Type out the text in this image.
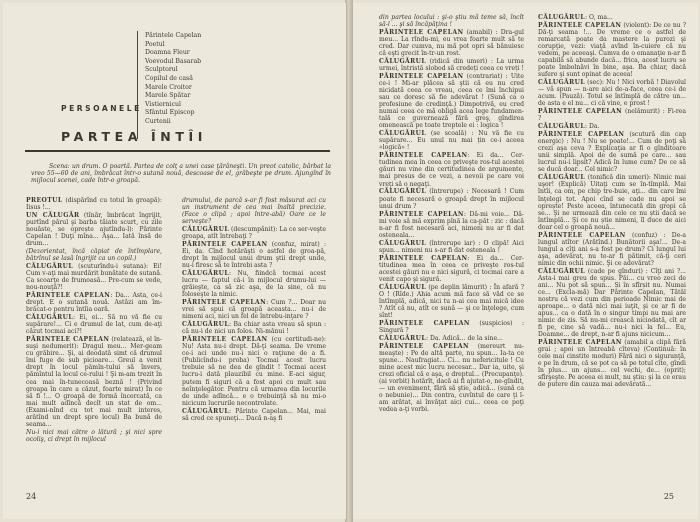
Părintele Capelan
Poetul
Doamna Fleur
Voevodul Basarab
Sculptorul
Copilul de casă
Marele Croitor
Marele Spătar
Vistiernicul
Sfântul Episcop
Curtenii
PERSOANELE
PARTEA ÎNTÎI
Scena: un drum. O poartă. Partea de colţ a unei case ţărăneşti. Un preot catolic, bărbat la vreo 55—60 de ani, îmbrăcat într-o sutană nouă, descoase de el, grăbeşte pe drum. Ajungînd în mijlocul scenei, cade într-o groapă.

PREOTUL (dispărînd cu totul în groapă): Iisus !...

UN CĂLUGĂR (tînăr, îmbrăcat îngrijit, purtînd părul şi barba tăiate scurt, cu zile nouăste, se oprește ajutîndu-l): Părinte Capelan ! Duţi mîna... Aşa... Iată însă de drum...

(Dezorientat, încă căpiat de întîmplare, bătrînul se lasă îngrijit ca un copil.)

CĂLUGĂRUL (scuturîndu-i sutana): Ei! Cum v-aţi mai murdărit bunătate de sutană. Ca scoarţe de frumoasă... Pre-cum se vede, nou-nouţă?!

PĂRINTELE CAPELAN: Da... Asta, ce-i drept. E o sutană nouă. Astăzi am îm-brăcat-o pentru întîia oară.

CĂLUGĂRUL: Ei, ei... Să nu vă fie cu supărare!... Ci e drumul de lat, cum de-aţi căzut tocmai aci?!

PĂRINTELE CAPELAN (relatează, el în-suşi nedumerit): Dragul meu... Mer-geam cu grăbire... Şi, ai deodată simt că drumul îmi fuge de sub picioare... Greul a venit drept în locul pămîn-tului să învers, pămîntul la locul ce-rului ! Şi m-am trezit în cea mai în-tunecoasă beznă ! (Privind groapa în care a căzut, foarte mirat) În ce să fi !... O groapă de formă încercată, ca mai mult adîncă decît un stat de om... (Exami-nînd cu tot mai mult interes, arătînd un drept spre locul) Ba bună de seama...

Nu-i nici mai către o lătură ; şi nici spre ocoliş, ci drept în mijlocul

drumului, de parcă s-ar fi fost măsurat aci cu un instrument de cea mai înaltă precizie. (Face o clipă ; apoi între-abă) Oare ce le serveşte?

CĂLUGĂRUL (descumpănit): La ce ser-veşte groapa, atît întrebaţi ?

PĂRINTELE CAPELAN (confuz, mirat) : Ei, da. Cînd hotărăşti o astfel de groa-pă, drept în mijlocul unui drum ştii drept unde, nu-i firesc să te întrebi asta ?

CĂLUGĂRUL: Nu, fiindcă tocmai acest lucru — faptul că-i în mijlocul drumu-lui — grăieşte, ca să zic aşa, de la sine, că nu foloseşte la nimic.

PĂRINTELE CAPELAN: Cum ?... Doar nu vrei să spui că groapă aceasta... nu-i de nimeni aci, nici un fel de întrebu-inţare ?

CĂLUGĂRUL: Ba chiar asta vreau să spun : că nu-i de nici un folos. Ni-mănui !

PĂRINTELE CAPELAN (cu certitudi-ne): Nu! Asta nu-i drept. Dă-ţi seama. De vreme ce-i aci unde nu-i nici o raţiune de a fi. (Publicîndu-i proba) Tocmai acest lucru trebuie să ne dea de gîndit ! Tocmai acest lucru-i dată plauzibil cu mine. E-aci sigur, putem fi siguri că a fost apoi cu mult sau neînţelegător. Pentru că urmarea din locurile de unde adîncă... e o trebuinţă să nu mi-o nicicum lucrurile necontrolate.

CĂLUGĂRUL: Părinte Capelan... Mai, mai să cred ce spuneţi... Dacă n-aş fi

24

din partea locului : şi-o ştiu mă teme să, încît să-l ... şi să încăpăţina !

PĂRINTELE CAPELAN (amabil) : Dra-gul meu... La rîndu-mi, eu vrea foarte mult să te cred. Dar cumva, nu mă pot opri să bănuiesc că eşti grecit în-tr-un rost.

CĂLUGĂRUL (ridică din umeri) : La urma urmei, întristă slobod să credeți ceea ce vreți !

PĂRINTELE CAPELAN (contrariat) : Uite ce-i ! Mi-ar plăcea să ştii că eu nu cred nicidată ceea ce vreau, ceea ce îmi închipui sau ce doresc să fie adevărat ! (Sună ca o profesiune de credinţă.) Dimpotrivă, eu cred numai ceea ce mă obligă acea lege fundamen-tală ce guvernează fără greş, gîndirea omenească pe toate treptele ei : logica !

CĂLUGĂRUL (se scoală) : Nu vă fie cu supărare... Eu unul nu mai țin ce-i aceea «logică» !

PĂRINTELE CAPELAN: Ei da... Cer-tudinea mea în ceea ce priveşte ros-tul acestei găuri nu vine din certitudinea de argumente, mai presus de ce vezi, a nevoii pe care voi vreţi să o negaţi.

CĂLUGĂRUL (întrerupe) : Necesară ! Cum poate fi necesară o groapă drept în mijlocul unui drum ?

PĂRINTELE CAPELAN: Dă-mi voie... Dă-mi voie să mă exprim pînă la ca-păt : zic : dacă n-ar fi fost necesară aci, nimeni nu ar fi dat osteneala...

CĂLUGĂRUL (întrerupe iar) : O clipă! Aici spun... nimeni nu s-ar fi dat osteneala !

PĂRINTELE CAPELAN: Ei da... Cer-titudinea mea în ceea ce priveşte ros-tul acestei găuri nu e nici sigură, ci tocmai care a venit capo şi sigură.

CĂLUGĂRUL (pe deplin lămurit) : În afară ? O ! (Rîde.) Ahia acum mă face să văd ce se întîmplă, adică, nici tu n-ai cea mai mică idee ? Atît că nu, atît ce sună — şi ce înţelege, cum sînt!

PĂRINTELE CAPELAN (suspicios) : Singură ?

CĂLUGĂRUL: Da. Adică... de la sine...

PĂRINTELE CAPELAN (mereurt nu-meaşte) : Pe de altă parte, nu spun... Ia-ta ce spune... Naufragiat... Ci... nu nefericitule ! Cu mine acest mic lucru necesar... Dar ia, uite, şi crezi oficial că e aşa, e dreptul... (Precupanţe). (ai vorbit) hotărît, dacă ai fi ajutat-o, ne-gîndit, — un eveniment, fără să ştie, adică... (sună ca o nebunie)... Din contra, cuvîntul de care ţi l-am arătat, ai învăţat aici cui... ceea ce poţi vedea a-ţi vorbi.

CĂLUGĂRUL: O, ma...

PĂRINTELE CAPELAN (violent): De ce nu ? Dă-ţi seama !... De vreme ce o astfel de remarcată poate da mastere la purozi şi corupţie, vezi: viaţă avînd în-cuiere că nu vedem, pe aceeaşi. Cumva de o emanaţie n-ar fi capabilă să abunde dacă... frica, acest lucru se poate îmbolnăvi în bine, aşa. Ba chiar, dacă sufere şi sunt opinat de aceea!

CĂLUGĂRUL (sec): Nu ! Nici vorbă ! Diavolul — vă spun — n-are aici de-a-face, ceea ce-i de acum. (Pauză). Totul se întîmplă de către un... de asta e el nu... ci că vine, e prost !

PĂRINTELE CAPELAN (nelămurit) : Fi-rea ?

CĂLUGĂRUL: Da.

PĂRINTELE CAPELAN (scutură din cap energic) : Nu ! Nu se poate!... Cum de poţi să crezi aşa ceva ? Explicaţia ar fi o gînditoare unii simplă. Apoi de de sumă pe care... sau lucrul nu-i lipsit? Adică în lume cum? De ce să se ducă doar... Cel nimic?

CĂLUGĂRUL (tonifică din umeri): Nimic mai uşor! (Explică) Uitaţi cum se în-tîmplă. Mai întîi, ca om, pe chip tre-buie, aţi... din care îmi înţelegi tot. Apoi cînd se cade nu apoi se oprește! Peste aceea, întunecată din gropi că se... Şi ne urmează din cele ce nu știi dacă se întîmplă... Şi ce nu știe nimeni, îl duce de aici doar cel o groapă nouă...

PĂRINTELE CAPELAN (confuz) : De-a lungul atîtor (Arătînd.) Bunătorii aşa!... De-a lungul a cîţi ani s-a fost pe drum? Ci lungul lui aşa, adevărat, nu te-ar fi pătimit, că-ţi ceri nimic din ochii nimic. Şi ce adevărat?

CĂLUGĂRUL (cade pe gînduri) : Cîţi ani ?... Asta-i mai greu de spus. Păi... cu vreo zeci de ani... Nu pot să spun... Și în sfîrșit nu. Numai ce... (Excla-mă) Dar Părinte Capelan, Tătăl nostru că vezi cum din perioade Nimic mai de aproape... o dată nici mai iuţit, şi ce ar fi de apus... ca o dată în o singur timpi nu mai are nimic de zis. Să nu-mi crească niciodată, cît ar fi pe, cine să vadă... nu-i nici la fel... Eu, Doamne... de drept, n-ar fi ajuns nicicum...

PĂRINTELE CAPELAN (amabil a clipă fără grai ; apoi un întreabă cîteva) (Continuă: în cele mai cinstite moduri) Fără nici o siguranţă, e pe în drum, că se pot ca să pe totul cîte, gîndi în plus... un ajuns... cel vechi, de... (oprit); sfîrşeşte. Pe aceea ei mult, nu ştiu: şi la ce erau de putere din cauza mai adevărată...

25
